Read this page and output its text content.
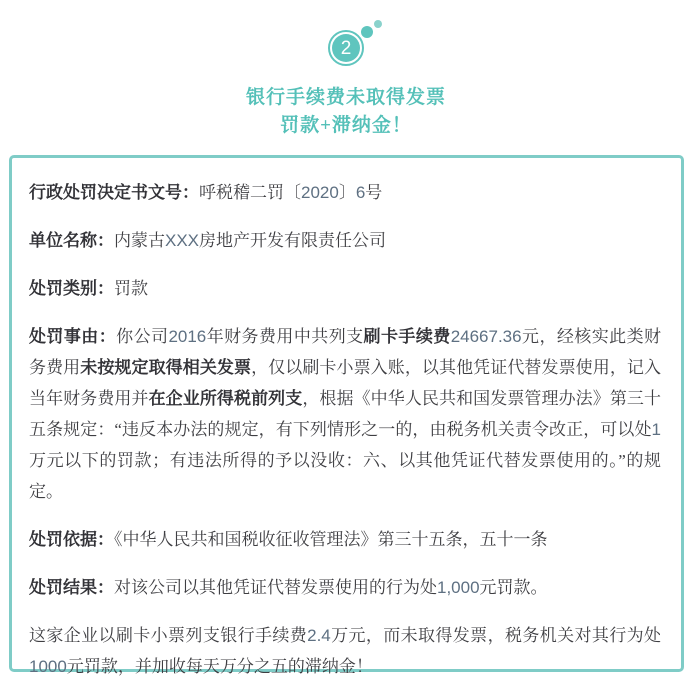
2
银行手续费未取得发票
罚款+滞纳金！

行政处罚决定书文号：呼税稽二罚〔2020〕6号

单位名称：内蒙古XXX房地产开发有限责任公司

处罚类别：罚款

处罚事由：你公司2016年财务费用中共列支刷卡手续费24667.36元，经核实此类财务费用未按规定取得相关发票，仅以刷卡小票入账，以其他凭证代替发票使用，记入当年财务费用并在企业所得税前列支，根据《中华人民共和国发票管理办法》第三十五条规定：“违反本办法的规定，有下列情形之一的，由税务机关责令改正，可以处1万元以下的罚款；有违法所得的予以没收：六、以其他凭证代替发票使用的。”的规定。

处罚依据：《中华人民共和国税收征收管理法》第三十五条，五十一条

处罚结果：对该公司以其他凭证代替发票使用的行为处1,000元罚款。

这家企业以刷卡小票列支银行手续费2.4万元，而未取得发票，税务机关对其行为处1000元罚款，并加收每天万分之五的滞纳金！
